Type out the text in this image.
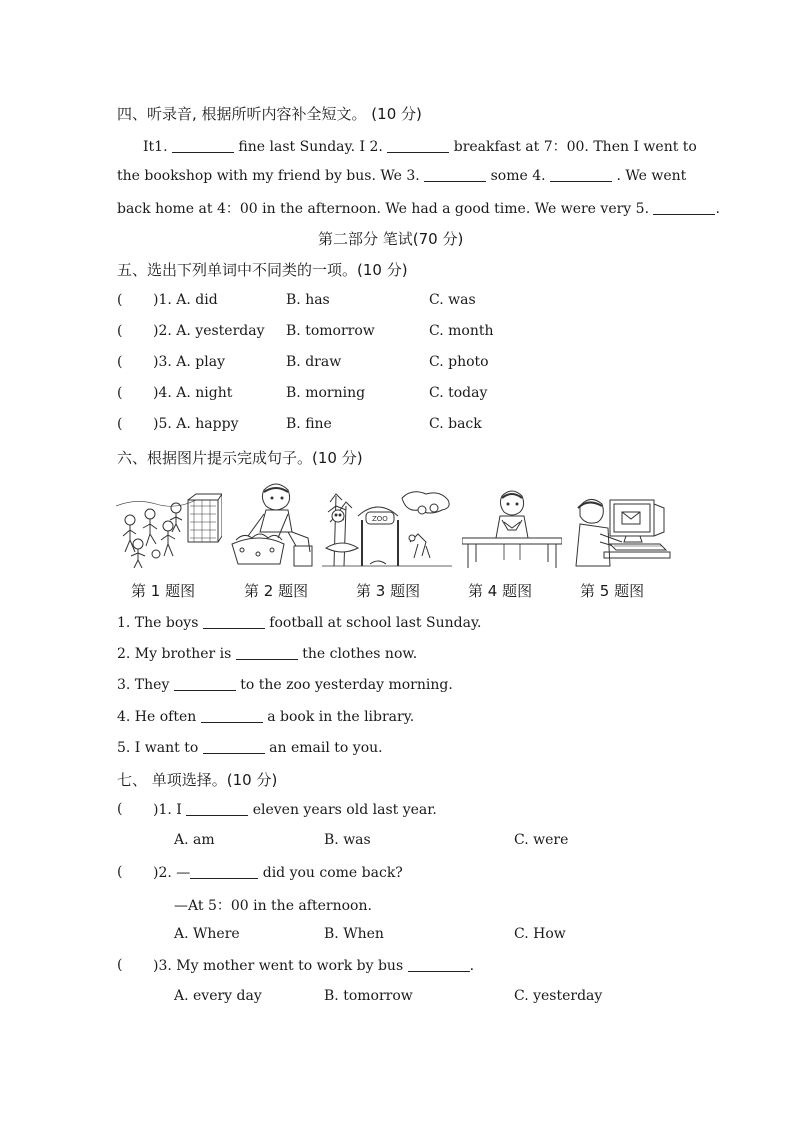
四、听录音, 根据所听内容补全短文。 (10 分)
It1.	fine last Sunday. I 2.	breakfast at 7：00. Then I went to
the bookshop with my friend by bus. We 3.	some 4.	. We went
back home at 4：00 in the afternoon. We had a good time. We were very 5.	.
第二部分 笔试(70 分)
五、选出下列单词中不同类的一项。(10 分)
( )1. A. did	B. has	C. was
( )2. A. yesterday B. tomorrow	C. month
( )3. A. play	B. draw	C. photo
( )4. A. night	B. morning	C. today
( )5. A. happy	B. fine	C. back
六、根据图片提示完成句子。(10 分)
ZOO
第 1 题图	第 2 题图	第 3 题图	第 4 题图	第 5 题图
1. The boys	football at school last Sunday.
2. My brother is	the clothes now.
3. They	to the zoo yesterday morning.
4. He often	a book in the library.
5. I want to	an email to you.
七、 单项选择。(10 分)
( )1. I	eleven years old last year.
A. am	B. was	C. were
( )2. —	did you come back?
—At 5：00 in the afternoon.
A. Where	B. When	C. How
( )3. My mother went to work by bus	.
A. every day	B. tomorrow	C. yesterday
